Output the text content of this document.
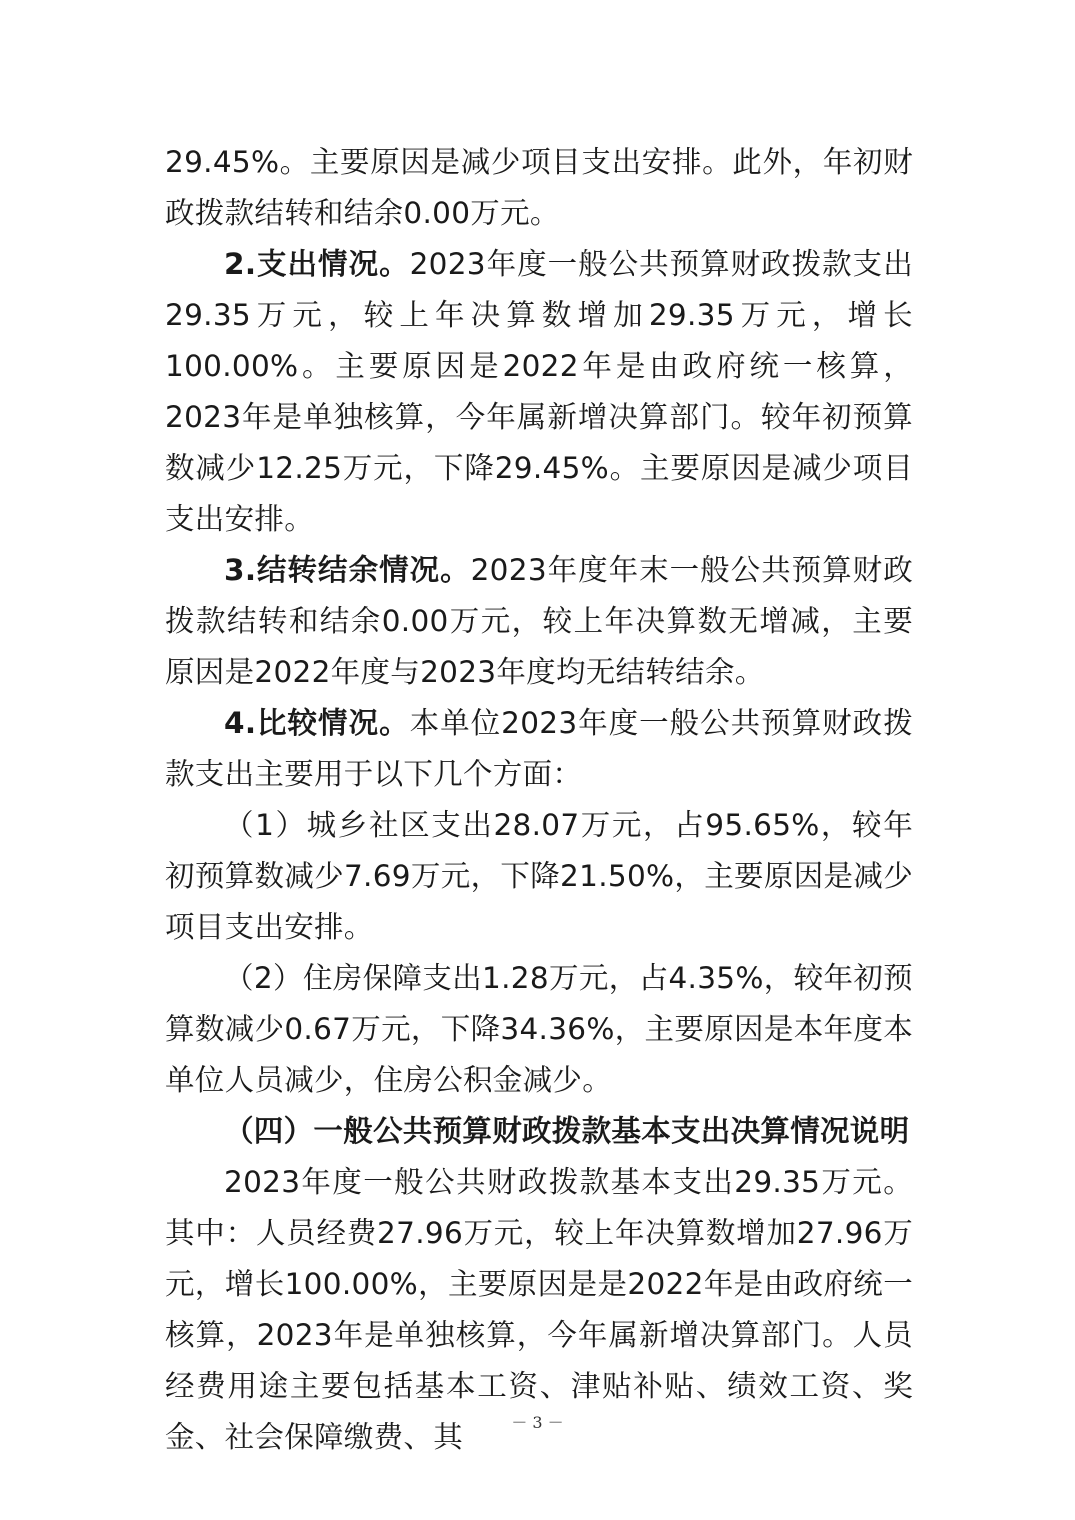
29.45%。主要原因是减少项目支出安排。此外，年初财政拨款结转和结余0.00万元。

2.支出情况。2023年度一般公共预算财政拨款支出29.35万元，较上年决算数增加29.35万元，增长100.00%。主要原因是2022年是由政府统一核算，2023年是单独核算，今年属新增决算部门。较年初预算数减少12.25万元，下降29.45%。主要原因是减少项目支出安排。

3.结转结余情况。2023年度年末一般公共预算财政拨款结转和结余0.00万元，较上年决算数无增减，主要原因是2022年度与2023年度均无结转结余。

4.比较情况。本单位2023年度一般公共预算财政拨款支出主要用于以下几个方面：

（1）城乡社区支出28.07万元，占95.65%，较年初预算数减少7.69万元，下降21.50%，主要原因是减少项目支出安排。

（2）住房保障支出1.28万元，占4.35%，较年初预算数减少0.67万元，下降34.36%，主要原因是本年度本单位人员减少，住房公积金减少。

（四）一般公共预算财政拨款基本支出决算情况说明

2023年度一般公共财政拨款基本支出29.35万元。其中：人员经费27.96万元，较上年决算数增加27.96万元，增长100.00%，主要原因是是2022年是由政府统一核算，2023年是单独核算，今年属新增决算部门。人员经费用途主要包括基本工资、津贴补贴、绩效工资、奖金、社会保障缴费、其	－ 3 －
